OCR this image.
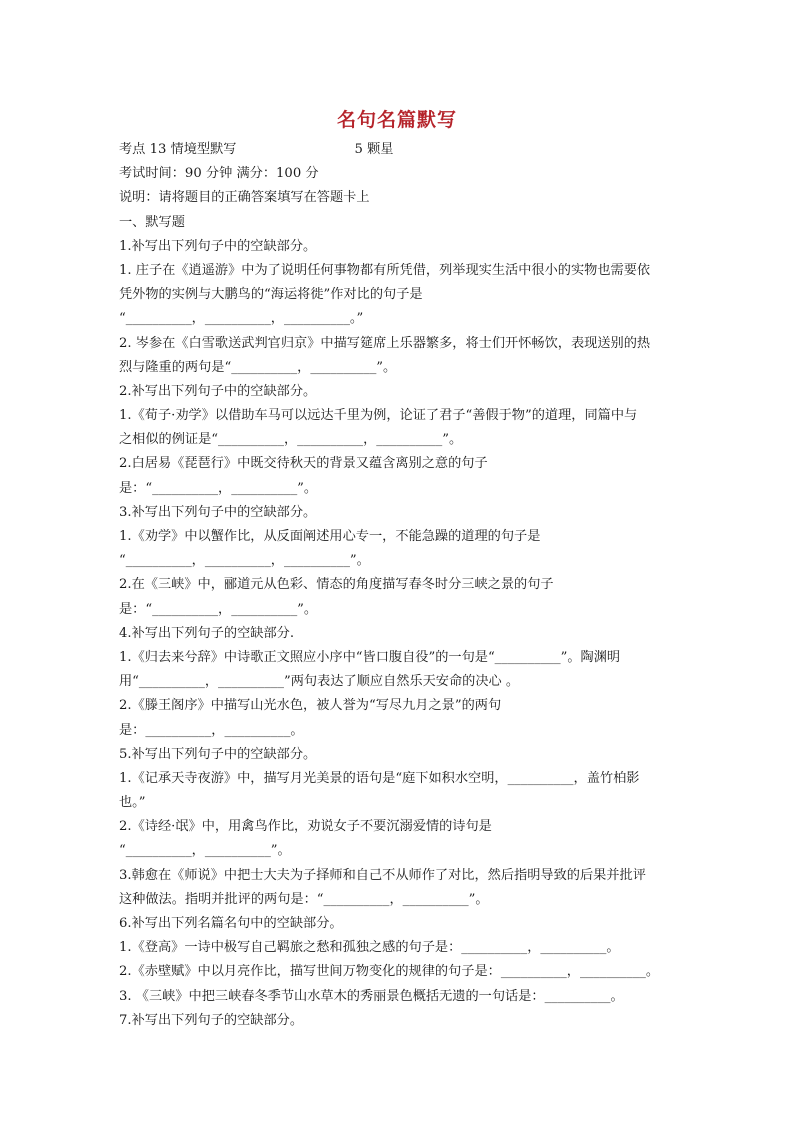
名句名篇默写
考点 13 情境型默写	5 颗星
考试时间：90 分钟 满分：100 分
说明：请将题目的正确答案填写在答题卡上
一、默写题
1.补写出下列句子中的空缺部分。
1. 庄子在《逍遥游》中为了说明任何事物都有所凭借，列举现实生活中很小的实物也需要依
凭外物的实例与大鹏鸟的“海运将徙”作对比的句子是
“__________，__________，__________。”
2. 岑参在《白雪歌送武判官归京》中描写筵席上乐器繁多，将士们开怀畅饮，表现送别的热
烈与隆重的两句是“__________，__________”。
2.补写出下列句子中的空缺部分。
1.《荀子·劝学》以借助车马可以远达千里为例，论证了君子“善假于物”的道理，同篇中与
之相似的例证是“__________，__________，__________”。
2.白居易《琵琶行》中既交待秋天的背景又蕴含离别之意的句子
是：“__________，__________”。
3.补写出下列句子中的空缺部分。
1.《劝学》中以蟹作比，从反面阐述用心专一，不能急躁的道理的句子是
“__________，__________，__________”。
2.在《三峡》中，郦道元从色彩、情态的角度描写春冬时分三峡之景的句子
是：“__________，__________”。
4.补写出下列句子的空缺部分.
1.《归去来兮辞》中诗歌正文照应小序中“皆口腹自役”的一句是“__________”。陶渊明
用“__________，__________”两句表达了顺应自然乐天安命的决心 。
2.《滕王阁序》中描写山光水色，被人誉为“写尽九月之景”的两句
是：__________，__________。
5.补写出下列句子中的空缺部分。
1.《记承天寺夜游》中，描写月光美景的语句是“庭下如积水空明，__________，盖竹柏影
也。”
2.《诗经·氓》中，用禽鸟作比，劝说女子不要沉溺爱情的诗句是
“__________，__________”。
3.韩愈在《师说》中把士大夫为子择师和自己不从师作了对比，然后指明导致的后果并批评
这种做法。指明并批评的两句是：“__________，__________”。
6.补写出下列名篇名句中的空缺部分。
1.《登高》一诗中极写自己羁旅之愁和孤独之感的句子是：__________，__________。
2.《赤壁赋》中以月亮作比，描写世间万物变化的规律的句子是：__________，__________。
3. 《三峡》中把三峡春冬季节山水草木的秀丽景色概括无遗的一句话是：__________。
7.补写出下列句子的空缺部分。
